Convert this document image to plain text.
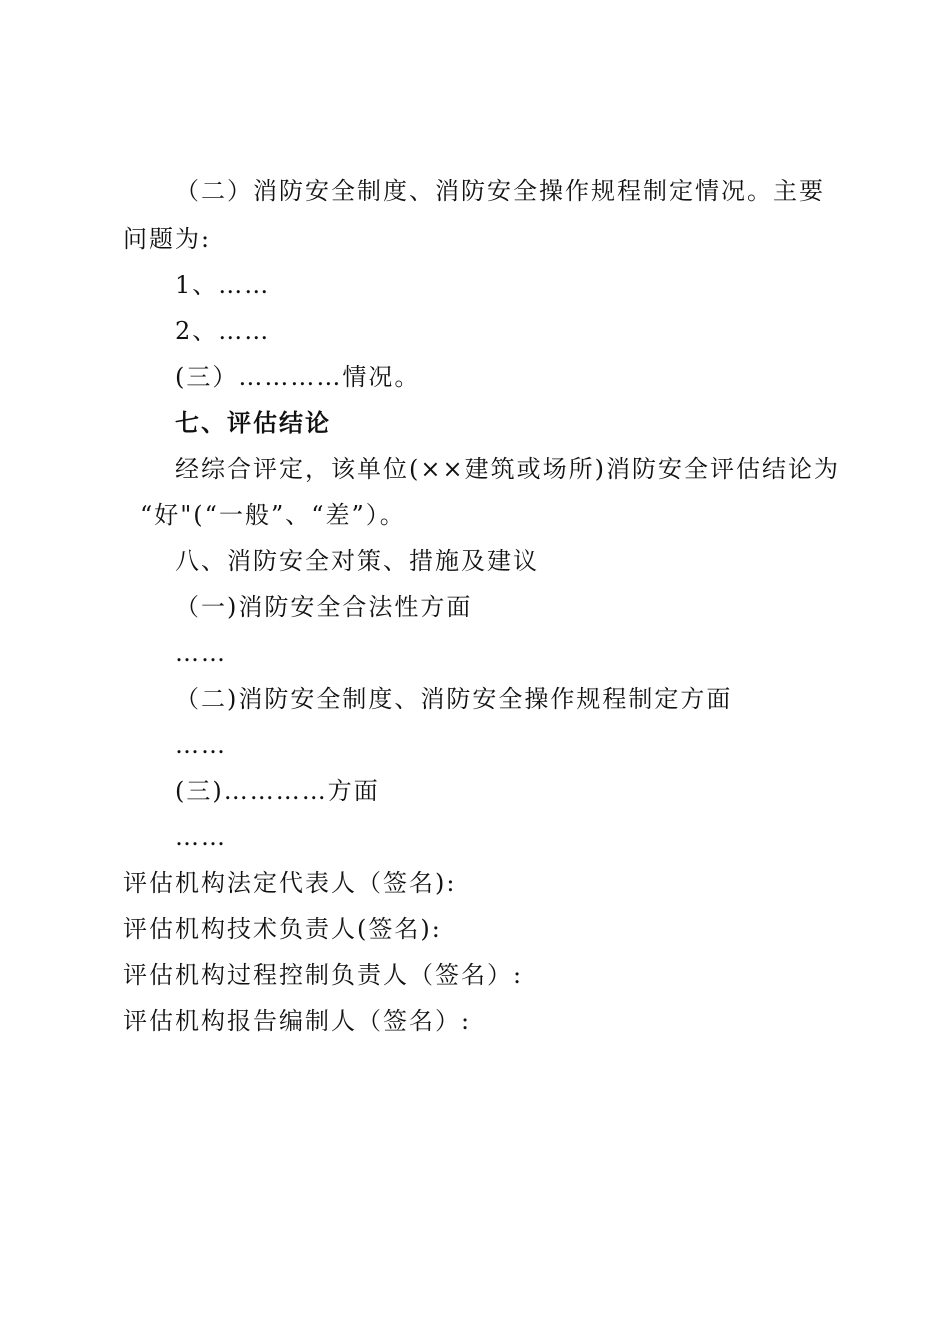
（二）消防安全制度、消防安全操作规程制定情况。主要
问题为:
1、……
2、……
(三）…………情况。
七、评估结论
经综合评定，该单位(××建筑或场所)消防安全评估结论为
“好"(“一般”、“差”）。
八、消防安全对策、措施及建议
（一)消防安全合法性方面
……
（二)消防安全制度、消防安全操作规程制定方面
……
(三)…………方面
……
评估机构法定代表人（签名):
评估机构技术负责人(签名):
评估机构过程控制负责人（签名）:
评估机构报告编制人（签名）:
